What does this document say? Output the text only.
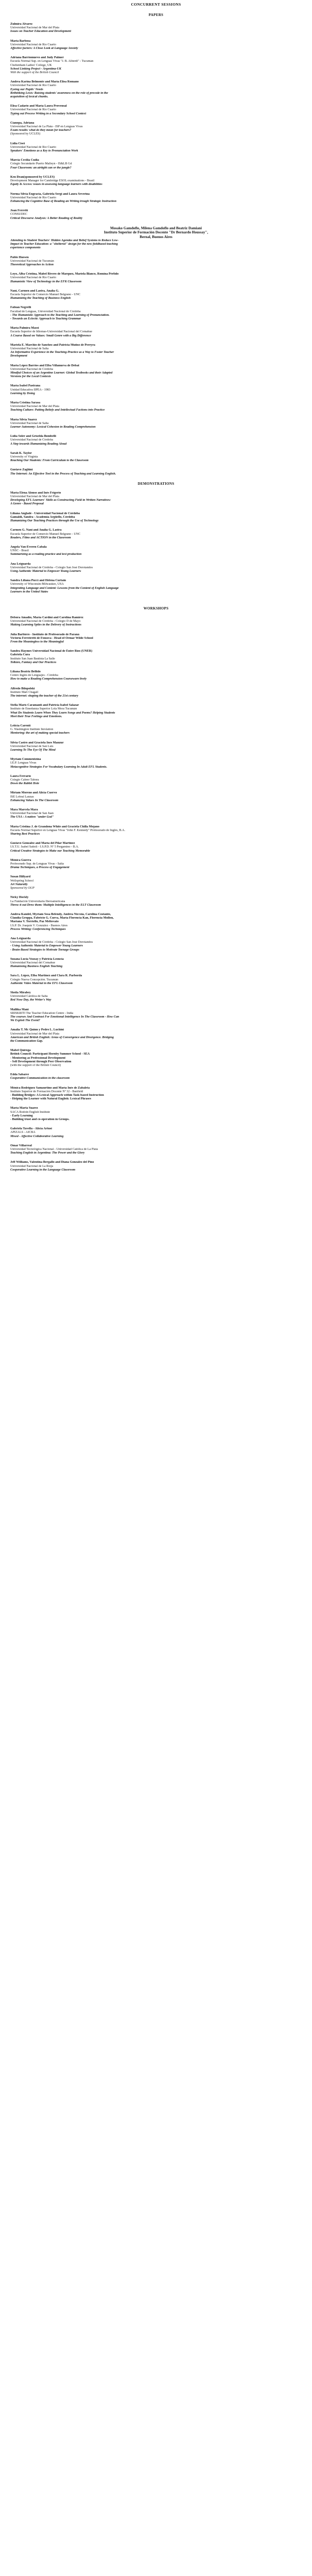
CONCURRENT SESSIONS
PAPERS
Zulmira Alvarez
Universidad Nacional de Mar del Plata
Issues on Teacher Education and Development
Maria Barbosa
Universidad Nacional de Río Cuarto
Affective factors: A Close Look at Language Anxiety
Adriana Barriomuevo and Judy Palmer
Escuela Normal Sup. en Lenguas Vivas "J. B. Alberdi" - Tucumán
Cheltenham Ladies' College, UK
School Linking Project - Argentina-UK
With the support of the British Council
Andrea Karina Belmonte and María Elisa Romano
Universidad Nacional de Río Cuarto
Eyeing our Pupils' Needs
Rethinking Lexis: Raising students' awareness on the role of precode in the
acquisition of lexical chunks.
Elisa Cadario and María Laura Provensal
Universidad Nacional de Río Cuarto
Typing out Process Writing in a Secondary School Context
Cianopa, Adriana
Universidad Nacional de La Plata - ISP en Lenguas Vivas
Exam results: what do they mean for teachers?
(Sponsored by UCLES)
Lidia Cisei
Universidad Nacional de Río Cuarto
Speakers' Emotions as a Key to Pronunciation Work
Marcia Cecilia Cudia
Colegio Secundario Puerto Malleyn - IS&LB Gd
Four Classroom: an airtight can or the jungle?
Ken Dean(sponsored by UCLES)
Development Manager for Cambridge ESOL examinations - Brasil
Equity & Access: issues in assessing language learners with disabilities
Norma Silvia Engracia, Gabriela Sergi and Laura Severina
Universidad Nacional de Río Cuarto
Enhancing the Cognitive Base of Reading an Writing trough Strategic Instruction
Joan Ferretti
CONSUDEC
Critical Discourse Analysis: A Better Reading of Reality
Mosako Gamdoflo, Milena Gamdoflo and Beatriz Damiani
Instituto Superior de Formación Docente "Dr Bernardo Houssay",
Bernal, Buenos Aires
Attending to Student Teachers' Hidden Agendas and Belief Systems to Reduce Low-
Impact in Teacher Education: a "sheltered" design for the new fieldbased teaching
experience components
Pablo Huesen
Universidad Nacional de Tucumán
Theoretical Approaches to Action
Loyo, Alba Cristina, Mabel Rivero de Marquez, Mariela Blanco, Romina Pérfido
Universidad Nacional de Río Cuarto
Humanistic View of Technology in the EFK Classroom
Nani, Carmen and Lastra, Analía G.
Escuela Superior de Comercio Manuel Belgrano - UNC
Humanizing the Teaching of Business English
Fabian Negrelli
Facultad de Lenguas, Universidad Nacional de Córdoba
- The Humanistic Approach to the Teaching and Learning of Pronunciation.
- Towards an Eclectic Approach to Teaching Grammar
María Palmira Massi
Escuela Superior de Idiomas-Universidad Nacional del Comahue
A Course Based on Values: Small Genre with a Big Difference
Mariela E. Marchio de Sanchez and Patricia Muñoz de Pereyra
Universidad Nacional de Salta
An Informative Experience in the Teaching-Practice as a Way to Foster Teacher
Development
Maria López Barrios and Elba Villanueva de Debat
Universidad Nacional de Córdoba
Mindful Choices of an Argentine Learner: Global Textbooks and their Adapted
Versions for the Local Contexts
María Isabel Pastrana
Unidad Educativa IIPEA - 1983
Learning by Doing
María Cristina Sarasa
Universidad Nacional de Mar del Plata
Teaching Culture: Putting Beliefs and Intellectual Factions into Practice
María Silvia Suarez
Universidad Nacional de Salta
Learner Autonomy: Lexical Cohesion in Reading Comprehension
Lidia Soler and Griselda Bombelli
Universidad Nacional de Córdoba
A Step towards Humanizing Reading Aloud
Sarah K. Taylor
University of Virginia
Reaching Our Students: From Curriculum to the Classroom
Gustavo Zaghini
The Internet: An Effective Tool in the Process of Teaching and Learning English.
DEMONSTRATIONS
María Elena Alonso and Inés Frigerio
Universidad Nacional de Mar del Plata
Developing EFL Learners' Skills as Constructing Field in Written Narratives:
A Genre - Based Proposal
Liliana Anglade - Universidad Nacional de Córdoba
Gamaldi, Sandra - Academia Argüello, Córdoba
Humanizing Our Teaching Practices through the Use of Technology
Carmen G. Nani and Analía G. Lastra
Escuela Superior de Comercio Manuel Belgrano - UNC
Readers, Films and ACTION in the Classroom
Angela Van-Everen Cabala
UNSC - Brasil
Summarizing as a reading practice and text production
Ana Leiguarda
Universidad Nacional de Córdoba - Colegio San José Dorotandos
Using Authentic Material to Empower Young Learners
Sandra Liliana Pucci and Helena Curtain
University of Wisconsin-Milwaukee, USA
Integrating Language and Content: Lessons from the Content of English Language
Learners in the United States
WORKSHOPS
Debora Amadio, María Cardini and Carolina Ramirez
Universidad Nacional de Córdoba - Colegio D de Mayo
Making Learning Spiles in the Delivery of Instructions
Julia Barbiero - Instituto de Profesorado de Paraná
Victoria Ferreiretti de Fonseca - Head of Ormar Wilde School
From the Meaningless to the Meaningful
Sandra Haymes Universidad Nacional de Entre Ríos (UNER)
Gabriela Cura
Instituto San Juan Bautista La Salle
Tolkien, Fantasy and Our Practices
Liliana Beatriz Bellido
Centro Inglés de Lenguajes - Córdoba
How to make a Reading Comprehension Courseware lively
Alfredo Bilopolski
Instituto Mari Chagall
The internet: shaping the teacher of the 21st century
Stella Maris Caramanti and Patricia Isabel Salazar
Instituto de Enseñanza Superior Lola Mora Tucumán
What Do Students Learn When They Learn Songs and Poems? Helping Students
Meet their True Feelings and Emotions.
Leticia Carenti
G. Washington Institute Inrolation
Mentoring: the art of making special teachers
Silvia Castro and Graciela Ines Manzur
Universidad Nacional de San Luis
Learning To The Eye Of The Mind
Myriam Commentzina
I.E.P. Lenguas Vivas
Metacognitive Strategies For Vocabulary Learning In Adult EFL Students.
Laura Ferrario
Colegio Cabrer Tabora
Down the Rabbit Hole
Miriam Moreno and Alicia Cuervo
ISE Lobral Lanzas
Enhancing Values In The Classroom
Mara Marcela Mara
Universidad Nacional de San Juan
The USA : A nation "under God"
María Cristina J. de Grandona White and Graciela Chilla Mojano
Escuela Normal Superior en Lenguas Vivas "John F. Kennedy" Profesorado de Inglés, B.A.
Sharing Best Practices
Gustavo Gonzalez and María del Pilar Martinez
I.S.T.U. Isabel Sattoli - I.S.P.D. Nº 5 Pergamino - B.A.
Critical Creative Strategies to Make our Teaching Memorable
Mónica Guerra
Profesorado Sup. de Lenguas Vivas - Salta
Drama Techniques, a Process of Engagement
Susan Hillyard
Wellspring School
Art Naturally
Sponsored by OUP
Nicky Hockly
La Fundación Universitaria Iberoamericana
Throw it out Drew them: Multiple Intelligences in the ELT Classroom
Andrea Kandel, Myriam Sosa Belendy, Andrea Niccoia, Carolina Costanto,
Claudia Groppa, Fabricio G. Cueva, María Florencia Kan, Florencia Mollon,
Mariana V. Torriello, Paz Meltovato
I.S.P. Dr. Joaquín V. González - Buenos Aires
Process Writing: Conferencing Techniques
Ana Leiguarda
Universidad Nacional de Córdoba - Colegio San José Dorotandos
- Using Authentic Material to Empower Young Learners
- Brain-Based Strategies to Motivate Teenage Groups
Susana Lucia Vozzay y Patricia Leoncia
Universidad Nacional del Comahue
Humanising Business English Teaching
Sara L. López, Elba Martinez and Clara R. Parborda
Colegio Nueva Concepción. Tucumán
Authentic Video Material in the EFL Classroom
Sheila Mirabey
Universidad Católica de Salta
Red Nose Day, the Writer's Way
Mallika Mani
SRISKRITI The Teacher Education Centre - India
The courses And Contrast For Emotional Intelligence In The Classroom - How Can
We Exploit The Event?
Amalia T. Mc Quinn y Pedro L. Luchini
Universidad Nacional de Mar del Plata
American and British English: Areas of Convergence and Divergence. Bridging
the Communication Gap.
Mabel Quiroga
British Council: Participant Hornby Summer School - SEA
- Mentoring as Professional Development
- Self Development through Peer Observation
(with the support of the British Council)
Edda Sabaree
Cooperative Communication in the classroom
Mónica Rodriguez Samaurtino and María Inés de Zabaleta
Instituto Superior de Formación Docente Nº 32 - Banfield
- Building Bridges: A Lexical Approach within Task-based Instruction
- Helping the Learner with Natural English: Lexical Phrases
María Marta Suarez
SACA Rodoin English Institute
- Early Learning
- Building trust and co-operation in Groups.
Gabriela Tavella - Alicia Artusi
APIZALS - AICBA
Mixed - Affective Collaborative Learning
Omar Villarreal
Universidad Tecnológica Nacional - Universidad Católica de La Plata
Teaching English in Argentina: The Power and the Glory
Jeff Williams, Valentina Bergallo and Diana González del Pino
Universidad Nacional de La Rioja
Cooperative Learning in the Language Classroom
